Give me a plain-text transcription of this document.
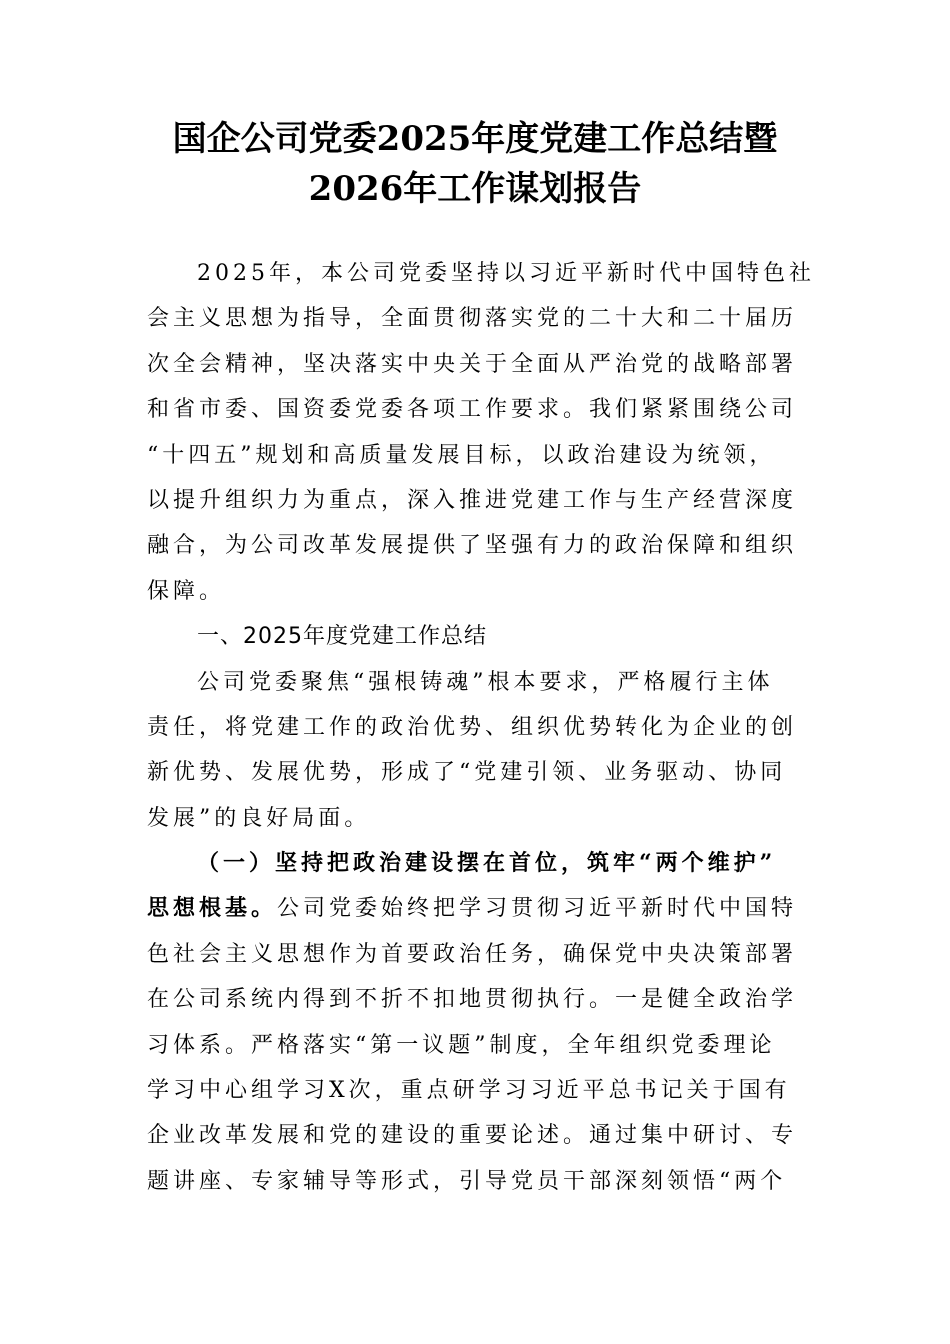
国企公司党委2025年度党建工作总结暨
2026年工作谋划报告
2025年，本公司党委坚持以习近平新时代中国特色社
会主义思想为指导，全面贯彻落实党的二十大和二十届历
次全会精神，坚决落实中央关于全面从严治党的战略部署
和省市委、国资委党委各项工作要求。我们紧紧围绕公司
“十四五”规划和高质量发展目标，以政治建设为统领，
以提升组织力为重点，深入推进党建工作与生产经营深度
融合，为公司改革发展提供了坚强有力的政治保障和组织
保障。
一、2025年度党建工作总结
公司党委聚焦“强根铸魂”根本要求，严格履行主体
责任，将党建工作的政治优势、组织优势转化为企业的创
新优势、发展优势，形成了“党建引领、业务驱动、协同
发展”的良好局面。
（一）坚持把政治建设摆在首位，筑牢“两个维护”
思想根基。公司党委始终把学习贯彻习近平新时代中国特
色社会主义思想作为首要政治任务，确保党中央决策部署
在公司系统内得到不折不扣地贯彻执行。一是健全政治学
习体系。严格落实“第一议题”制度，全年组织党委理论
学习中心组学习X次，重点研学习习近平总书记关于国有
企业改革发展和党的建设的重要论述。通过集中研讨、专
题讲座、专家辅导等形式，引导党员干部深刻领悟“两个
